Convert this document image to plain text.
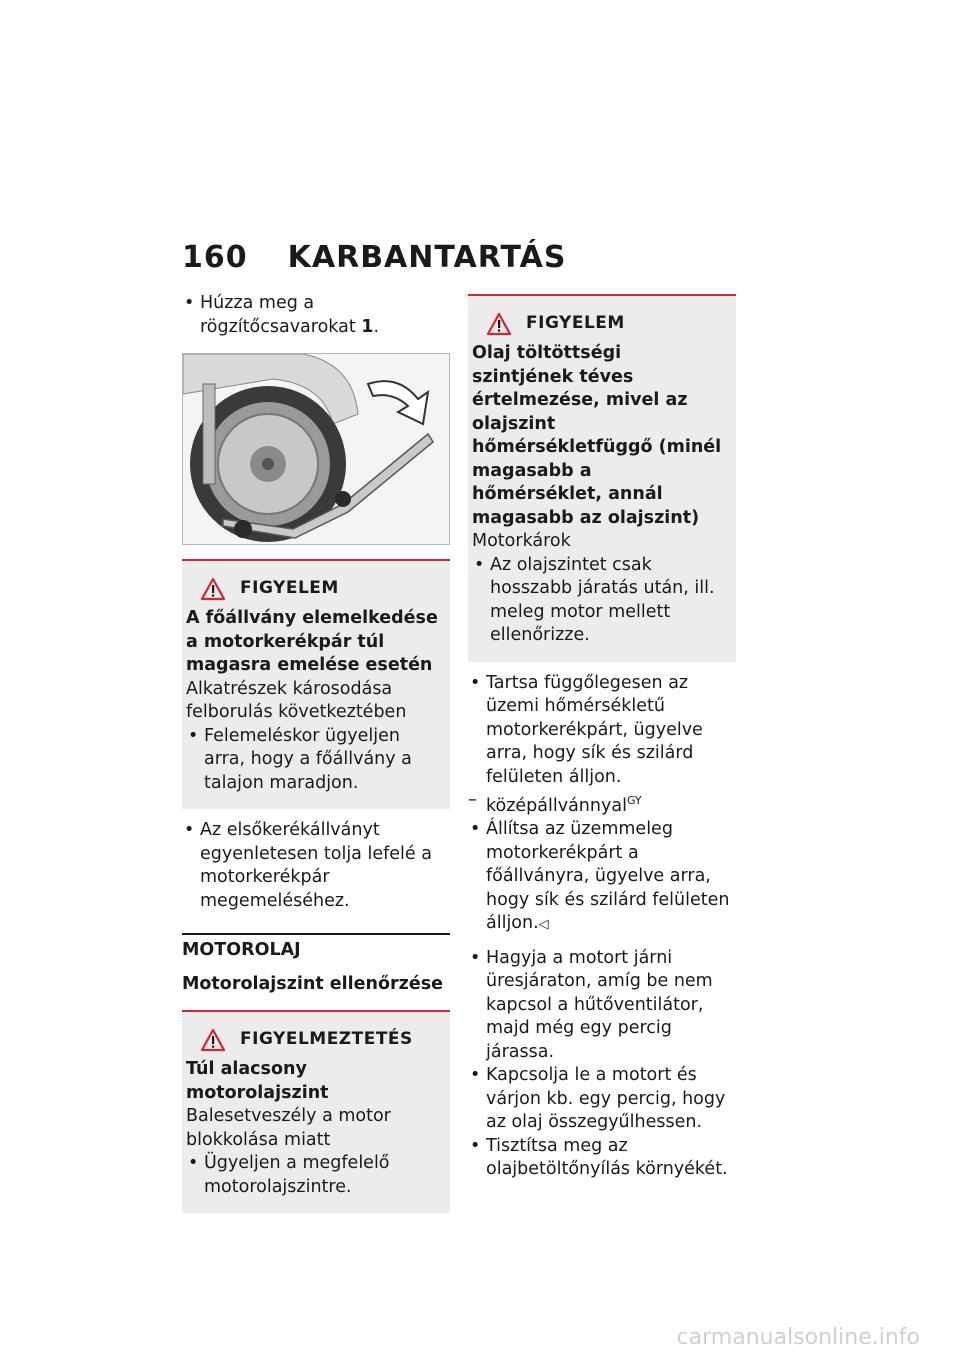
160 KARBANTARTÁS

• Húzza meg a rögzítőcsavarokat 1.

FIGYELEM

A főállvány elemelkedése a motorkerékpár túl magasra emelése esetén

Alkatrészek károsodása felborulás következtében

• Felemeléskor ügyeljen arra, hogy a főállvány a talajon maradjon.

• Az elsőkerékállványt egyenletesen tolja lefelé a motorkerékpár megemeléséhez.

MOTOROLAJ
Motorolajszint ellenőrzése
FIGYELMEZTETÉS

Túl alacsony motorolajszint

Balesetveszély a motor blokkolása miatt

• Ügyeljen a megfelelő motorolajszintre.

FIGYELEM

Olaj töltöttségi szintjének téves értelmezése, mivel az olajszint hőmérsékletfüggő (minél magasabb a hőmérséklet, annál magasabb az olajszint)

Motorkárok

• Az olajszintet csak hosszabb járatás után, ill. meleg motor mellett ellenőrizze.

• Tartsa függőlegesen az üzemi hőmérsékletű motorkerékpárt, ügyelve arra, hogy sík és szilárd felületen álljon.

– középállvánnyal$^{GY}$

• Állítsa az üzemmeleg motorkerékpárt a főállványra, ügyelve arra, hogy sík és szilárd felületen álljon.◁

• Hagyja a motort járni üresjáraton, amíg be nem kapcsol a hűtőventilátor, majd még egy percig járassa.

• Kapcsolja le a motort és várjon kb. egy percig, hogy az olaj összegyűlhessen.

• Tisztítsa meg az olajbetöltőnyílás környékét.

carmanualsonline.info
